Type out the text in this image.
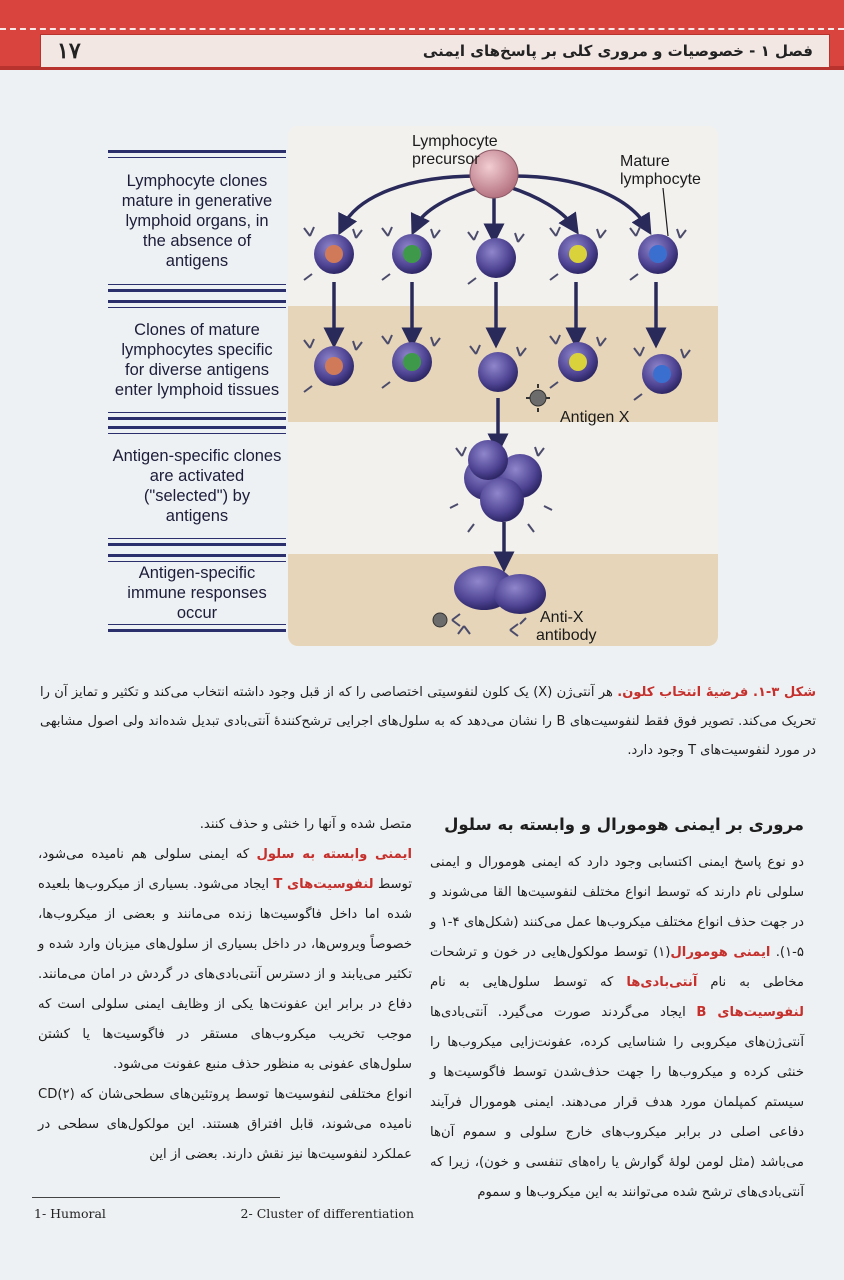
۱۷	فصل ۱ - خصوصیات و مروری کلی بر پاسخ‌های ایمنی
Lymphocyte clones mature in generative lymphoid organs, in the absence of antigens
Clones of mature lymphocytes specific for diverse antigens enter lymphoid tissues
Antigen-specific clones are activated ("selected") by antigens
Antigen-specific immune responses occur
Antigen X
Lymphocyte
precursor	Mature
lymphocyte
Anti-X
antibody
شکل ۳-۱. فرضیهٔ انتخاب کلون. هر آنتی‌ژن (X) یک کلون لنفوسیتی اختصاصی را که از قبل وجود داشته انتخاب می‌کند و تکثیر و تمایز آن را تحریک می‌کند. تصویر فوق فقط لنفوسیت‌های B را نشان می‌دهد که به سلول‌های اجرایی ترشح‌کنندهٔ آنتی‌بادی تبدیل شده‌اند ولی اصول مشابهی در مورد لنفوسیت‌های T وجود دارد.
مروری بر ایمنی هومورال و وابسته به سلول

دو نوع پاسخ ایمنی اکتسابی وجود دارد که ایمنی هومورال و ایمنی سلولی نام دارند که توسط انواع مختلف لنفوسیت‌ها القا می‌شوند و در جهت حذف انواع مختلف میکروب‌ها عمل می‌کنند (شکل‌های ۴-۱ و ۵-۱). ایمنی هومورال(۱) توسط مولکول‌هایی در خون و ترشحات مخاطی به نام آنتی‌بادی‌ها که توسط سلول‌هایی به نام لنفوسیت‌های B ایجاد می‌گردند صورت می‌گیرد. آنتی‌بادی‌ها آنتی‌ژن‌های میکروبی را شناسایی کرده، عفونت‌زایی میکروب‌ها را خنثی کرده و میکروب‌ها را جهت حذف‌شدن توسط فاگوسیت‌ها و سیستم کمپلمان مورد هدف قرار می‌دهند. ایمنی هومورال فرآیند دفاعی اصلی در برابر میکروب‌های خارج سلولی و سموم آن‌ها می‌باشد (مثل لومن لولهٔ گوارش یا راه‌های تنفسی و خون)، زیرا که آنتی‌بادی‌های ترشح شده می‌توانند به این میکروب‌ها و سموم

متصل شده و آنها را خنثی و حذف کنند.

ایمنی وابسته به سلول که ایمنی سلولی هم نامیده می‌شود، توسط لنفوسیت‌های T ایجاد می‌شود. بسیاری از میکروب‌ها بلعیده شده اما داخل فاگوسیت‌ها زنده می‌مانند و بعضی از میکروب‌ها، خصوصاً ویروس‌ها، در داخل بسیاری از سلول‌های میزبان وارد شده و تکثیر می‌یابند و از دسترس آنتی‌بادی‌های در گردش در امان می‌مانند. دفاع در برابر این عفونت‌ها یکی از وظایف ایمنی سلولی است که موجب تخریب میکروب‌های مستقر در فاگوسیت‌ها یا کشتن سلول‌های عفونی به منظور حذف منبع عفونت می‌شود.

انواع مختلفی لنفوسیت‌ها توسط پروتئین‌های سطحی‌شان که CD(۲) نامیده می‌شوند، قابل افتراق هستند. این مولکول‌های سطحی در عملکرد لنفوسیت‌ها نیز نقش دارند. بعضی از این

1- Humoral	2- Cluster of differentiation
